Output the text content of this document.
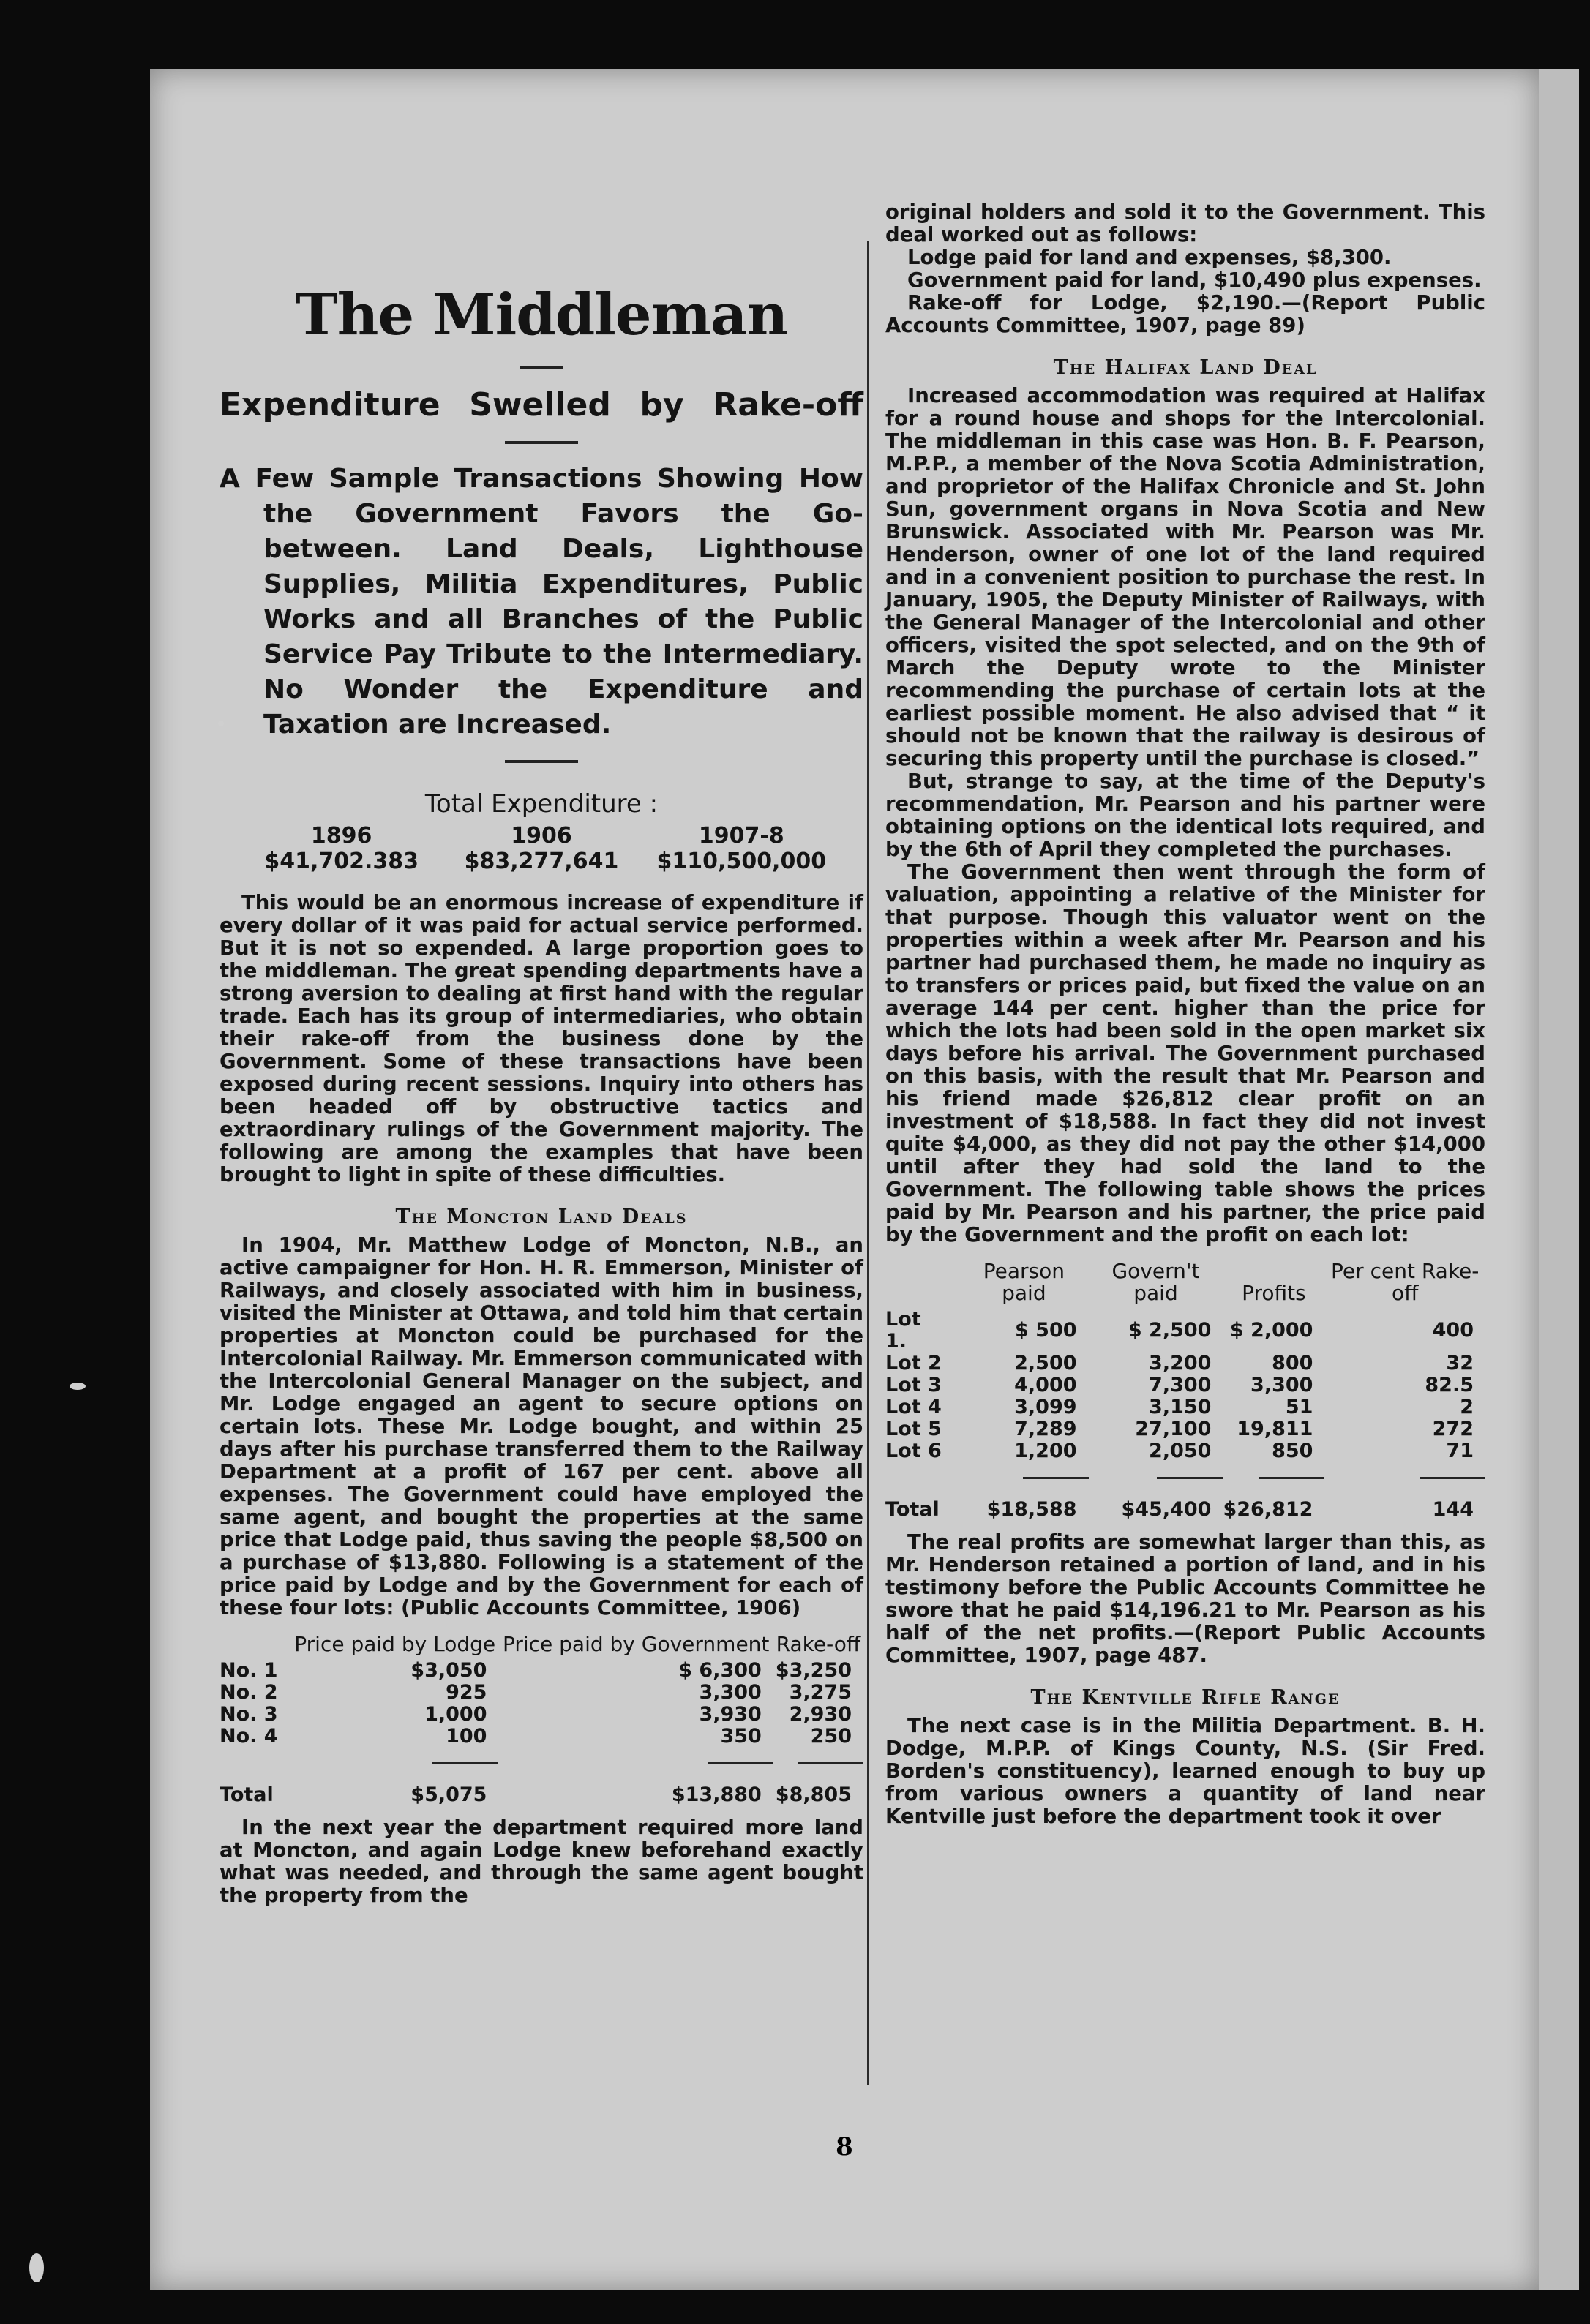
The Middleman
Expenditure Swelled by Rake-off

A Few Sample Transactions Showing How the Government Favors the Go-between. Land Deals, Lighthouse Supplies, Militia Expenditures, Public Works and all Branches of the Public Service Pay Tribute to the Intermediary. No Wonder the Expenditure and Taxation are Increased.

Total Expenditure :
1896	1906	1907-8
$41,702.383	$83,277,641	$110,500,000

This would be an enormous increase of expenditure if every dollar of it was paid for actual service performed. But it is not so expended. A large proportion goes to the middleman. The great spending departments have a strong aversion to dealing at first hand with the regular trade. Each has its group of intermediaries, who obtain their rake-off from the business done by the Government. Some of these transactions have been exposed during recent sessions. Inquiry into others has been headed off by obstructive tactics and extraordinary rulings of the Government majority. The following are among the examples that have been brought to light in spite of these difficulties.

The Moncton Land Deals

In 1904, Mr. Matthew Lodge of Moncton, N.B., an active campaigner for Hon. H. R. Emmerson, Minister of Railways, and closely associated with him in business, visited the Minister at Ottawa, and told him that certain properties at Moncton could be purchased for the Intercolonial Railway. Mr. Emmerson communicated with the Intercolonial General Manager on the subject, and Mr. Lodge engaged an agent to secure options on certain lots. These Mr. Lodge bought, and within 25 days after his purchase transferred them to the Railway Department at a profit of 167 per cent. above all expenses. The Government could have employed the same agent, and bought the properties at the same price that Lodge paid, thus saving the people $8,500 on a purchase of $13,880. Following is a statement of the price paid by Lodge and by the Government for each of these four lots: (Public Accounts Committee, 1906)

	Price paid by Lodge	Price paid by Government	Rake-off
No. 1	$3,050	$ 6,300	$3,250
No. 2	925	3,300	3,275
No. 3	1,000	3,930	2,930
No. 4	100	350	250

Total	$5,075	$13,880	$8,805

In the next year the department required more land at Moncton, and again Lodge knew beforehand exactly what was needed, and through the same agent bought the property from the

original holders and sold it to the Government. This deal worked out as follows:

Lodge paid for land and expenses, $8,300.

Government paid for land, $10,490 plus expenses.

Rake-off for Lodge, $2,190.—(Report Public Accounts Committee, 1907, page 89)

The Halifax Land Deal

Increased accommodation was required at Halifax for a round house and shops for the Intercolonial. The middleman in this case was Hon. B. F. Pearson, M.P.P., a member of the Nova Scotia Administration, and proprietor of the Halifax Chronicle and St. John Sun, government organs in Nova Scotia and New Brunswick. Associated with Mr. Pearson was Mr. Henderson, owner of one lot of the land required and in a convenient position to purchase the rest. In January, 1905, the Deputy Minister of Railways, with the General Manager of the Intercolonial and other officers, visited the spot selected, and on the 9th of March the Deputy wrote to the Minister recommending the purchase of certain lots at the earliest possible moment. He also advised that “ it should not be known that the railway is desirous of securing this property until the purchase is closed.”

But, strange to say, at the time of the Deputy's recommendation, Mr. Pearson and his partner were obtaining options on the identical lots required, and by the 6th of April they completed the purchases.

The Government then went through the form of valuation, appointing a relative of the Minister for that purpose. Though this valuator went on the properties within a week after Mr. Pearson and his partner had purchased them, he made no inquiry as to transfers or prices paid, but fixed the value on an average 144 per cent. higher than the price for which the lots had been sold in the open market six days before his arrival. The Government purchased on this basis, with the result that Mr. Pearson and his friend made $26,812 clear profit on an investment of $18,588. In fact they did not invest quite $4,000, as they did not pay the other $14,000 until after they had sold the land to the Government. The following table shows the prices paid by Mr. Pearson and his partner, the price paid by the Government and the profit on each lot:

	Pearson paid	Govern't paid	Profits	Per cent Rake-off
Lot 1.	$ 500	$ 2,500	$ 2,000	400
Lot 2	2,500	3,200	800	32
Lot 3	4,000	7,300	3,300	82.5
Lot 4	3,099	3,150	51	2
Lot 5	7,289	27,100	19,811	272
Lot 6	1,200	2,050	850	71

Total	$18,588	$45,400	$26,812	144

The real profits are somewhat larger than this, as Mr. Henderson retained a portion of land, and in his testimony before the Public Accounts Committee he swore that he paid $14,196.21 to Mr. Pearson as his half of the net profits.—(Report Public Accounts Committee, 1907, page 487.

The Kentville Rifle Range

The next case is in the Militia Department. B. H. Dodge, M.P.P. of Kings County, N.S. (Sir Fred. Borden's constituency), learned enough to buy up from various owners a quantity of land near Kentville just before the department took it over

8
